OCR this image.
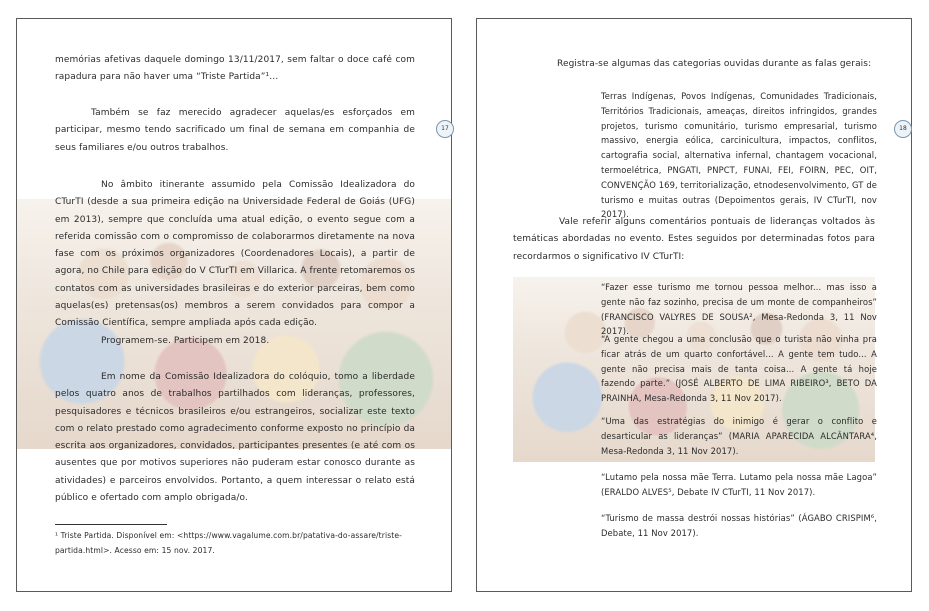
memórias afetivas daquele domingo 13/11/2017, sem faltar o doce café com rapadura para não haver uma “Triste Partida”¹…
Também se faz merecido agradecer aquelas/es esforçados em participar, mesmo tendo sacrificado um final de semana em companhia de seus familiares e/ou outros trabalhos.
No âmbito itinerante assumido pela Comissão Idealizadora do CTurTI (desde a sua primeira edição na Universidade Federal de Goiás (UFG) em 2013), sempre que concluída uma atual edição, o evento segue com a referida comissão com o compromisso de colaborarmos diretamente na nova fase com os próximos organizadores (Coordenadores Locais), a partir de agora, no Chile para edição do V CTurTI em Villarica. A frente retomaremos os contatos com as universidades brasileiras e do exterior parceiras, bem como aquelas(es) pretensas(os) membros a serem convidados para compor a Comissão Científica, sempre ampliada após cada edição.
Programem-se. Participem em 2018.
Em nome da Comissão Idealizadora do colóquio, tomo a liberdade pelos quatro anos de trabalhos partilhados com lideranças, professores, pesquisadores e técnicos brasileiros e/ou estrangeiros, socializar este texto com o relato prestado como agradecimento conforme exposto no princípio da escrita aos organizadores, convidados, participantes presentes (e até com os ausentes que por motivos superiores não puderam estar conosco durante as atividades) e parceiros envolvidos. Portanto, a quem interessar o relato está público e ofertado com amplo obrigada/o.
¹ Triste Partida. Disponível em: <https://www.vagalume.com.br/patativa-do-assare/triste-partida.html>. Acesso em: 15 nov. 2017.
17
Registra-se algumas das categorias ouvidas durante as falas gerais:
Terras Indígenas, Povos Indígenas, Comunidades Tradicionais, Territórios Tradicionais, ameaças, direitos infringidos, grandes projetos, turismo comunitário, turismo empresarial, turismo massivo, energia eólica, carcinicultura, impactos, conflitos, cartografia social, alternativa infernal, chantagem vocacional, termoelétrica, PNGATI, PNPCT, FUNAI, FEI, FOIRN, PEC, OIT, CONVENÇÃO 169, territorialização, etnodesenvolvimento, GT de turismo e muitas outras (Depoimentos gerais, IV CTurTI, nov 2017).
Vale referir alguns comentários pontuais de lideranças voltados às temáticas abordadas no evento. Estes seguidos por determinadas fotos para recordarmos o significativo IV CTurTI:
“Fazer esse turismo me tornou pessoa melhor... mas isso a gente não faz sozinho, precisa de um monte de companheiros” (FRANCISCO VALYRES DE SOUSA², Mesa-Redonda 3, 11 Nov 2017).
“A gente chegou a uma conclusão que o turista não vinha pra ficar atrás de um quarto confortável... A gente tem tudo... A gente não precisa mais de tanta coisa... A gente tá hoje fazendo parte.” (JOSÉ ALBERTO DE LIMA RIBEIRO³, BETO DA PRAINHA, Mesa-Redonda 3, 11 Nov 2017).
“Uma das estratégias do inimigo é gerar o conflito e desarticular as lideranças” (MARIA APARECIDA ALCÂNTARA⁴, Mesa-Redonda 3, 11 Nov 2017).
“Lutamo pela nossa mãe Terra. Lutamo pela nossa mãe Lagoa” (ERALDO ALVES⁵, Debate IV CTurTI, 11 Nov 2017).
“Turismo de massa destrói nossas histórias” (ÁGABO CRISPIM⁶, Debate, 11 Nov 2017).
18
